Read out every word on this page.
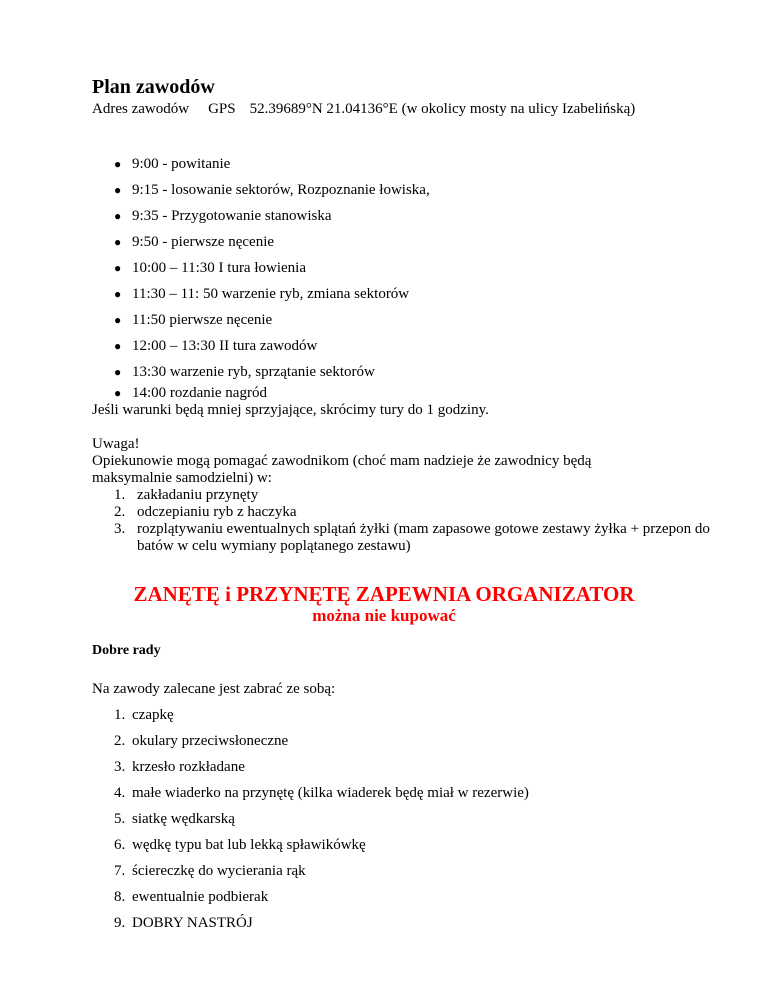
Plan zawodów
Adres zawodów GPS 52.39689°N 21.04136°E (w okolicy mosty na ulicy Izabelińską)
● 9:00 - powitanie
● 9:15 - losowanie sektorów, Rozpoznanie łowiska,
● 9:35 - Przygotowanie stanowiska
● 9:50 - pierwsze nęcenie
● 10:00 – 11:30 I tura łowienia
● 11:30 – 11: 50 warzenie ryb, zmiana sektorów
● 11:50 pierwsze nęcenie
● 12:00 – 13:30 II tura zawodów
● 13:30 warzenie ryb, sprzątanie sektorów
● 14:00 rozdanie nagród
Jeśli warunki będą mniej sprzyjające, skrócimy tury do 1 godziny.
Uwaga!
Opiekunowie mogą pomagać zawodnikom (choć mam nadzieje że zawodnicy będą maksymalnie samodzielni) w:
1. zakładaniu przynęty
2. odczepianiu ryb z haczyka
3. rozplątywaniu ewentualnych splątań żyłki (mam zapasowe gotowe zestawy żyłka + przepon do batów w celu wymiany poplątanego zestawu)
ZANĘTĘ i PRZYNĘTĘ ZAPEWNIA ORGANIZATOR
można nie kupować
Dobre rady
Na zawody zalecane jest zabrać ze sobą:
1. czapkę
2. okulary przeciwsłoneczne
3. krzesło rozkładane
4. małe wiaderko na przynętę (kilka wiaderek będę miał w rezerwie)
5. siatkę wędkarską
6. wędkę typu bat lub lekką spławikówkę
7. ściereczkę do wycierania rąk
8. ewentualnie podbierak
9. DOBRY NASTRÓJ
